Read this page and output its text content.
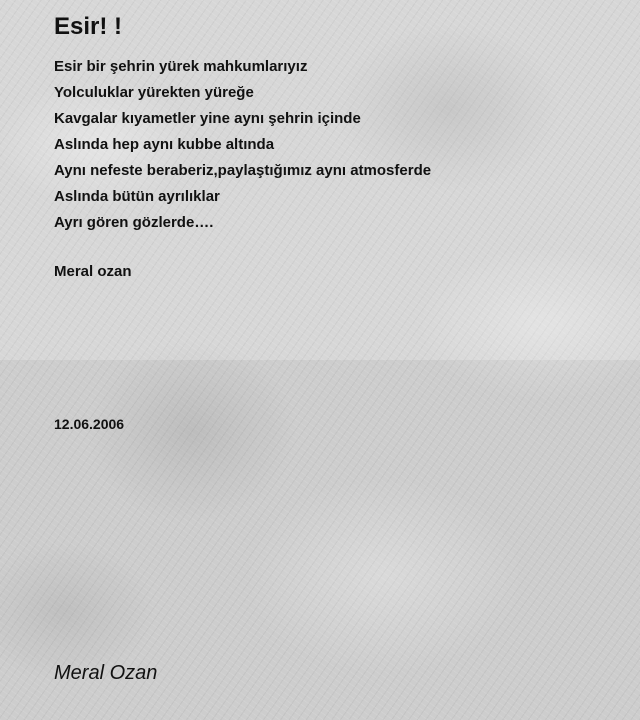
Esir! !
Esir bir şehrin yürek mahkumlarıyız
Yolculuklar yürekten yüreğe
Kavgalar kıyametler yine aynı şehrin içinde
Aslında hep aynı kubbe altında
Aynı nefeste beraberiz,paylaştığımız aynı atmosferde
Aslında bütün ayrılıklar
Ayrı gören gözlerde….
Meral ozan
12.06.2006
Meral Ozan
